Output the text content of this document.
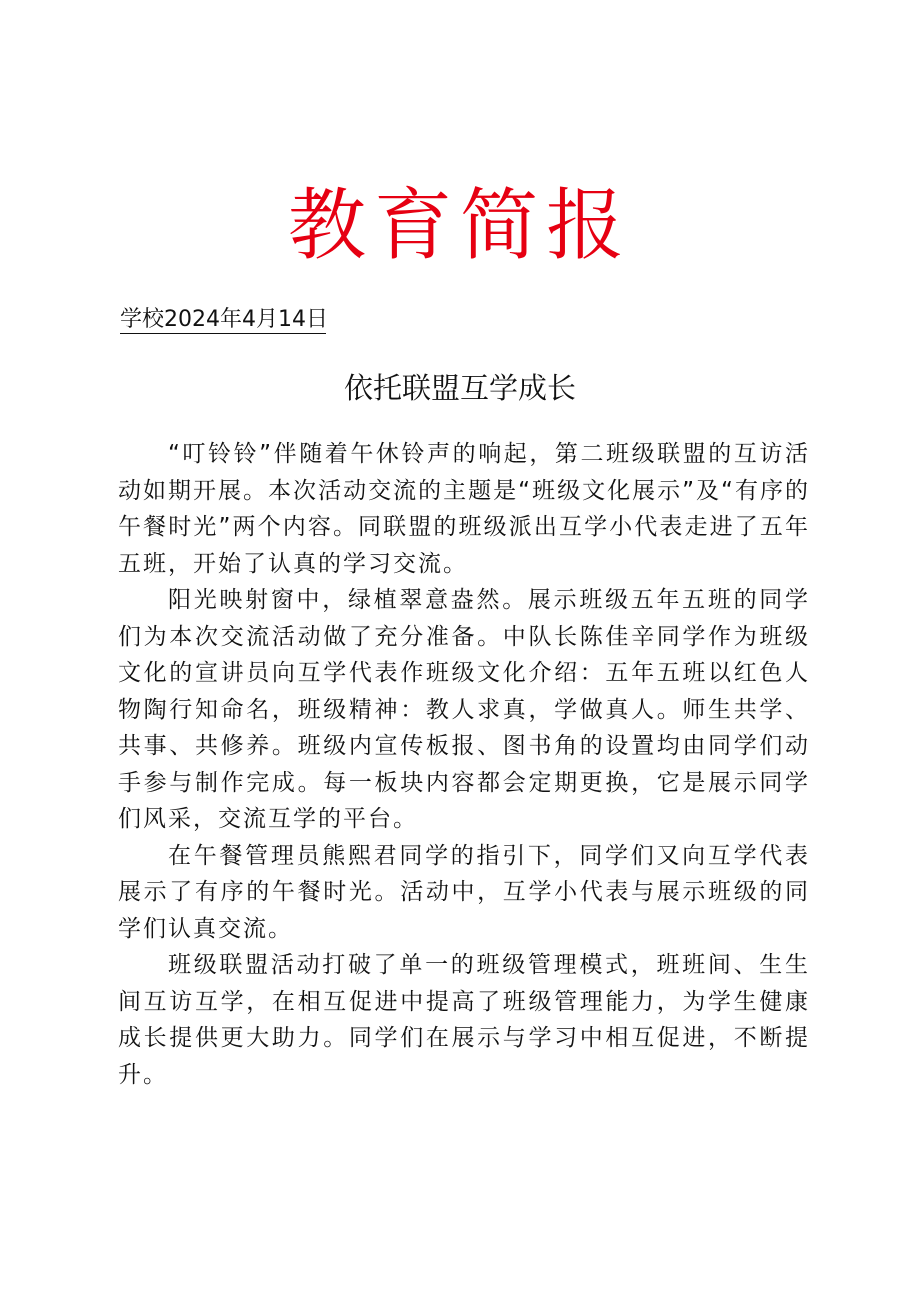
教育简报
学校2024年4月14日
依托联盟互学成长

“叮铃铃”伴随着午休铃声的响起，第二班级联盟的互访活动如期开展。本次活动交流的主题是“班级文化展示”及“有序的午餐时光”两个内容。同联盟的班级派出互学小代表走进了五年五班，开始了认真的学习交流。

阳光映射窗中，绿植翠意盎然。展示班级五年五班的同学们为本次交流活动做了充分准备。中队长陈佳辛同学作为班级文化的宣讲员向互学代表作班级文化介绍：五年五班以红色人物陶行知命名，班级精神：教人求真，学做真人。师生共学、共事、共修养。班级内宣传板报、图书角的设置均由同学们动手参与制作完成。每一板块内容都会定期更换，它是展示同学们风采，交流互学的平台。

在午餐管理员熊熙君同学的指引下，同学们又向互学代表展示了有序的午餐时光。活动中，互学小代表与展示班级的同学们认真交流。

班级联盟活动打破了单一的班级管理模式，班班间、生生间互访互学，在相互促进中提高了班级管理能力，为学生健康成长提供更大助力。同学们在展示与学习中相互促进，不断提升。
